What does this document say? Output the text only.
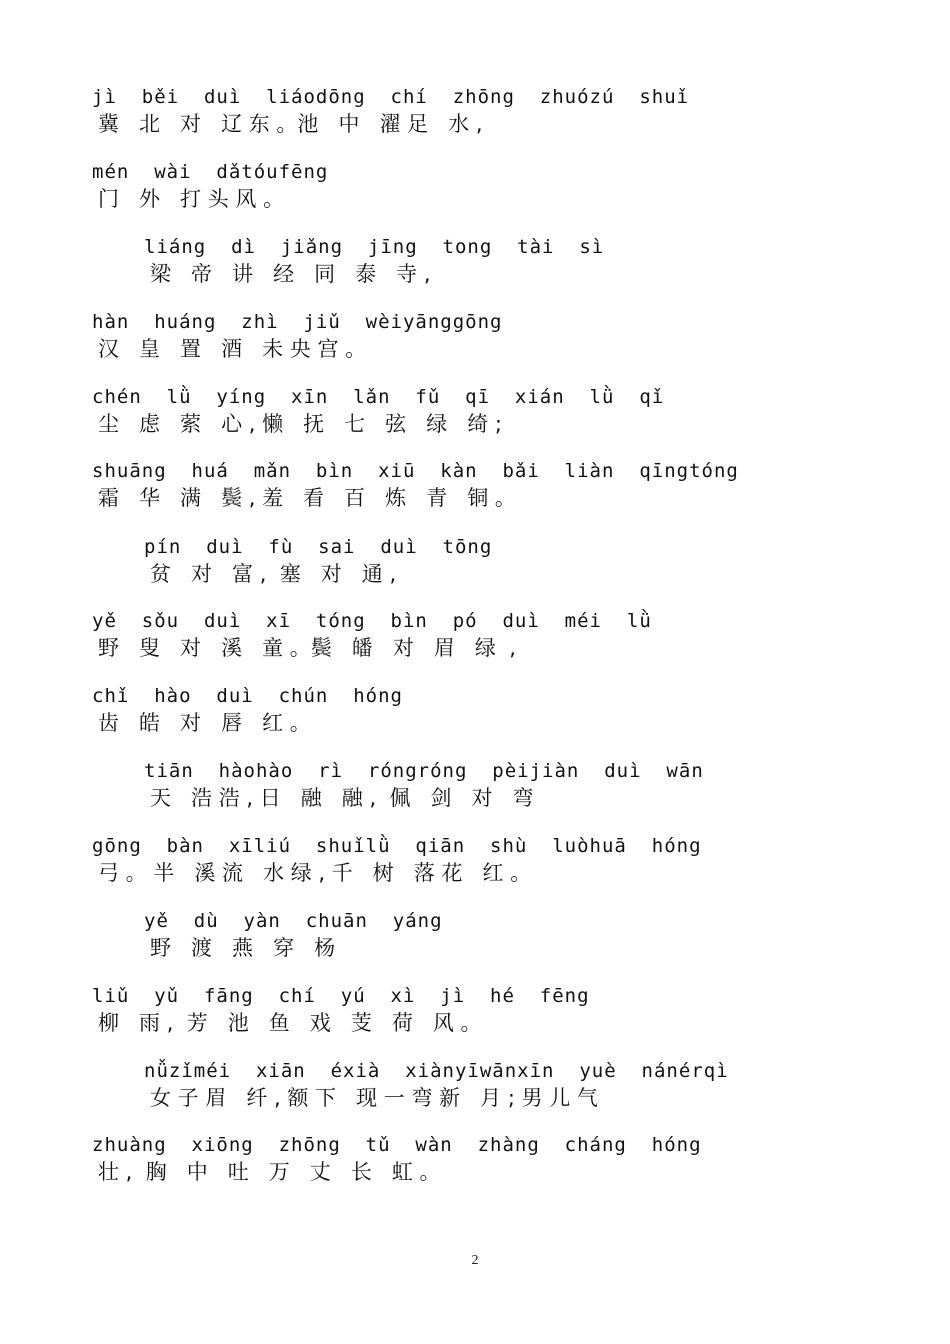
jì  běi  duì  liáodōng  chí  zhōng  zhuózú  shuǐ
冀   北   对   辽 东 。池   中   濯 足   水 ,
mén  wài  dǎtóufēng
门   外   打 头 风 。
liáng  dì  jiǎng  jīng  tong  tài  sì
梁   帝   讲   经   同   泰   寺 ,
hàn  huáng  zhì  jiǔ  wèiyānggōng
汉   皇   置   酒   未 央 宫 。
chén  lǜ  yíng  xīn  lǎn  fǔ  qī  xián  lǜ  qǐ
尘   虑   萦   心 , 懒   抚   七   弦   绿   绮 ;
shuāng  huá  mǎn  bìn  xiū  kàn  bǎi  liàn  qīngtóng
霜   华   满   鬓 , 羞   看   百   炼   青   铜 。
pín  duì  fù  sai  duì  tōng
贫   对   富 ,  塞   对   通 ,
yě  sǒu  duì  xī  tóng  bìn  pó  duì  méi  lǜ
野   叟   对   溪   童 。鬓   皤   对   眉   绿  ,
chǐ  hào  duì  chún  hóng
齿   皓   对   唇   红 。
tiān  hàohào  rì  róngróng  pèijiàn  duì  wān
天   浩 浩 , 日   融   融 ,  佩   剑   对   弯
gōng  bàn  xīliú  shuǐlǜ  qiān  shù  luòhuā  hóng
弓 。 半   溪 流   水 绿 , 千   树   落 花   红 。
yě  dù  yàn  chuān  yáng
野   渡   燕   穿   杨
liǔ  yǔ  fāng  chí  yú  xì  jì  hé  fēng
柳   雨 ,  芳   池   鱼   戏   芰   荷   风 。
nǚzǐméi  xiān  éxià  xiànyīwānxīn  yuè  nánérqì
女 子 眉   纤 , 额 下   现 一 弯 新   月 ; 男 儿 气
zhuàng  xiōng  zhōng  tǔ  wàn  zhàng  cháng  hóng
壮 ,  胸   中   吐   万   丈   长   虹 。
2
